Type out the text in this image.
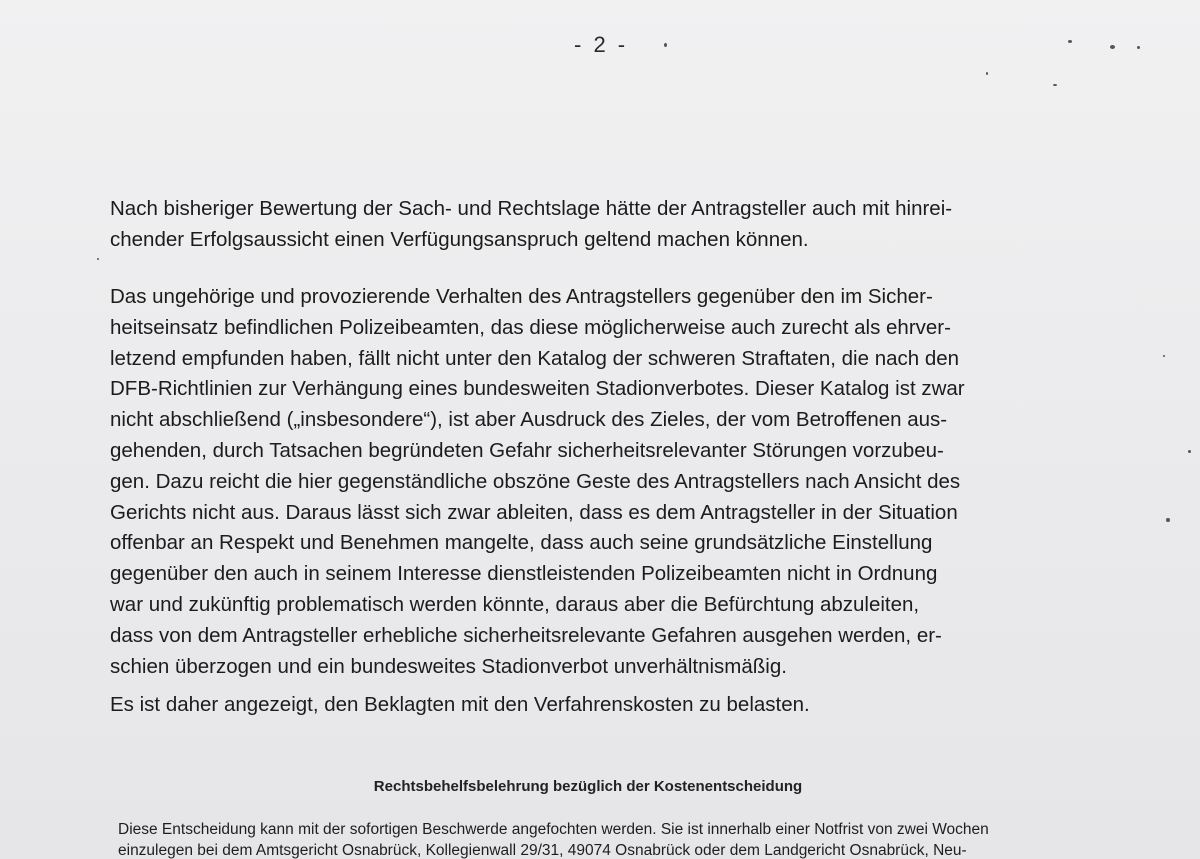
- 2 -

Nach bisheriger Bewertung der Sach- und Rechtslage hätte der Antragsteller auch mit hinrei-
chender Erfolgsaussicht einen Verfügungsanspruch geltend machen können.

Das ungehörige und provozierende Verhalten des Antragstellers gegenüber den im Sicher-
heitseinsatz befindlichen Polizeibeamten, das diese möglicherweise auch zurecht als ehrver-
letzend empfunden haben, fällt nicht unter den Katalog der schweren Straftaten, die nach den
DFB-Richtlinien zur Verhängung eines bundesweiten Stadionverbotes. Dieser Katalog ist zwar
nicht abschließend („insbesondere“), ist aber Ausdruck des Zieles, der vom Betroffenen aus-
gehenden, durch Tatsachen begründeten Gefahr sicherheitsrelevanter Störungen vorzubeu-
gen. Dazu reicht die hier gegenständliche obszöne Geste des Antragstellers nach Ansicht des
Gerichts nicht aus. Daraus lässt sich zwar ableiten, dass es dem Antragsteller in der Situation
offenbar an Respekt und Benehmen mangelte, dass auch seine grundsätzliche Einstellung
gegenüber den auch in seinem Interesse dienstleistenden Polizeibeamten nicht in Ordnung
war und zukünftig problematisch werden könnte, daraus aber die Befürchtung abzuleiten,
dass von dem Antragsteller erhebliche sicherheitsrelevante Gefahren ausgehen werden, er-
schien überzogen und ein bundesweites Stadionverbot unverhältnismäßig.

Es ist daher angezeigt, den Beklagten mit den Verfahrenskosten zu belasten.

Rechtsbehelfsbelehrung bezüglich der Kostenentscheidung

Diese Entscheidung kann mit der sofortigen Beschwerde angefochten werden. Sie ist innerhalb einer Notfrist von zwei Wochen
einzulegen bei dem Amtsgericht Osnabrück, Kollegienwall 29/31, 49074 Osnabrück oder dem Landgericht Osnabrück, Neu-
